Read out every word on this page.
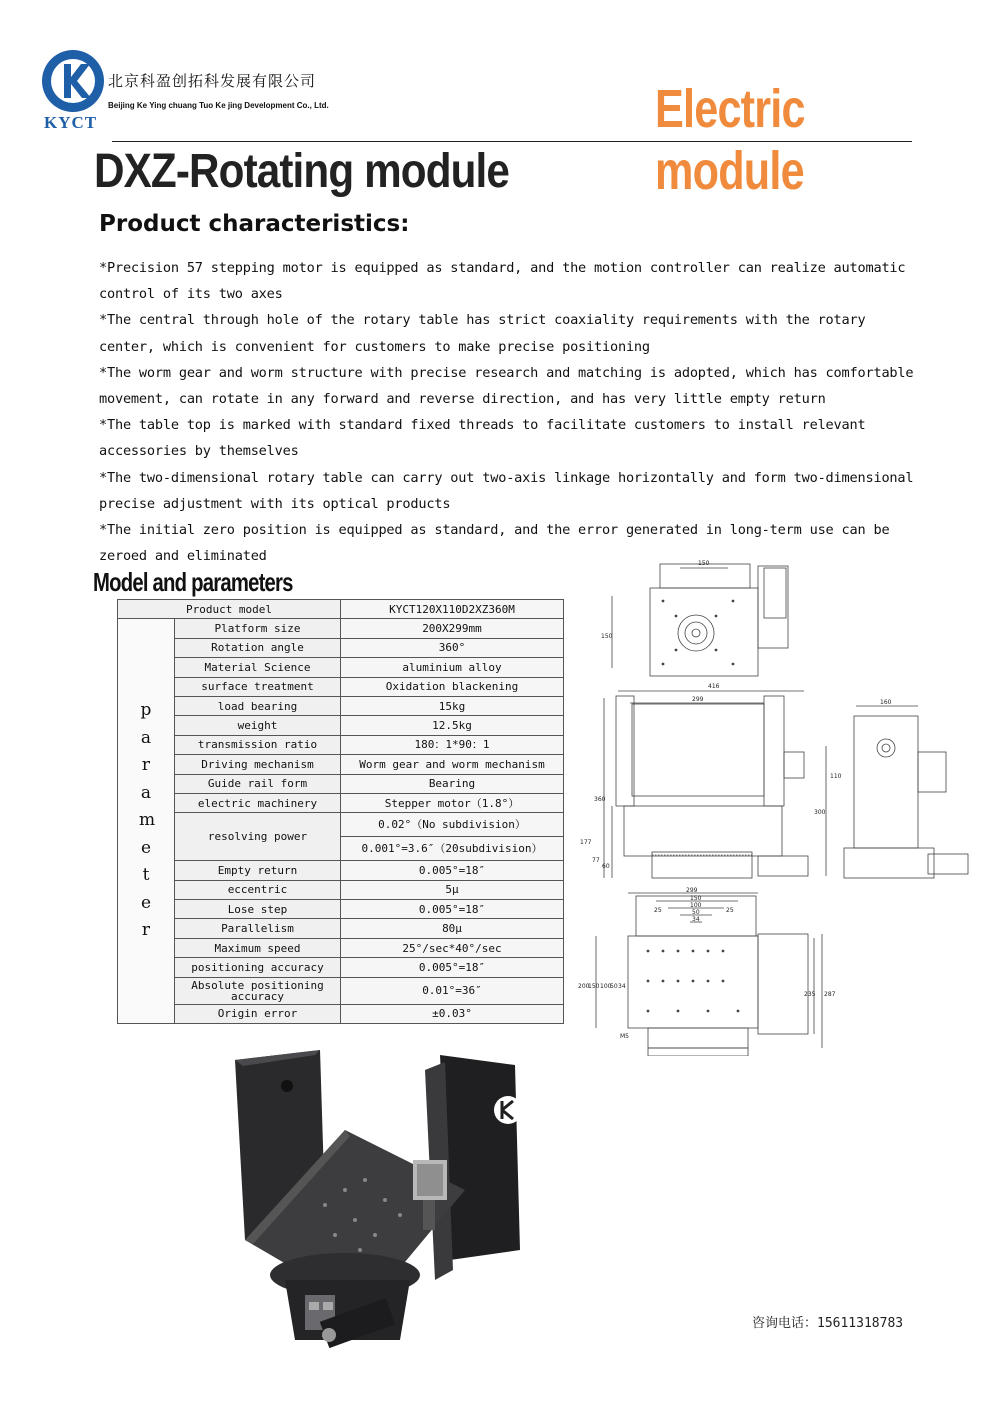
KYCT
北京科盈创拓科发展有限公司
Beijing Ke Ying chuang Tuo Ke jing Development Co., Ltd.	Electric module
DXZ-Rotating module
Product characteristics:
*Precision 57 stepping motor is equipped as standard, and the motion controller can realize automatic control of its two axes
*The central through hole of the rotary table has strict coaxiality requirements with the rotary center, which is convenient for customers to make precise positioning
*The worm gear and worm structure with precise research and matching is adopted, which has comfortable movement, can rotate in any forward and reverse direction, and has very little empty return
*The table top is marked with standard fixed threads to facilitate customers to install relevant accessories by themselves
*The two-dimensional rotary table can carry out two-axis linkage horizontally and form two-dimensional precise adjustment with its optical products
*The initial zero position is equipped as standard, and the error generated in long-term use can be zeroed and eliminated
Model and parameters
Product model		KYCT120X110D2XZ360M

parameter	Platform size	200X299mm
	Rotation angle	360°
	Material Science	aluminium alloy
	surface treatment	Oxidation blackening
	load bearing	15kg
	weight	12.5kg
	transmission ratio	180：1*90：1
	Driving mechanism	Worm gear and worm mechanism
	Guide rail form	Bearing
	electric machinery	Stepper motor（1.8°）
	resolving power	0.02°（No subdivision）
		0.001°=3.6″（20subdivision）
	Empty return	0.005°=18″
	eccentric	5μ
	Lose step	0.005°=18″
	Parallelism	80μ
	Maximum speed	25°/sec*40°/sec
	positioning accuracy	0.005°=18″
	Absolute positioning accuracy	0.01°=36″
	Origin error	±0.03°
150
150
416
299
360
177
77
60
160
110
300
299
150
100
50
34
25	25
200
150 100
50 34
235 287
M5
咨询电话：15611318783
